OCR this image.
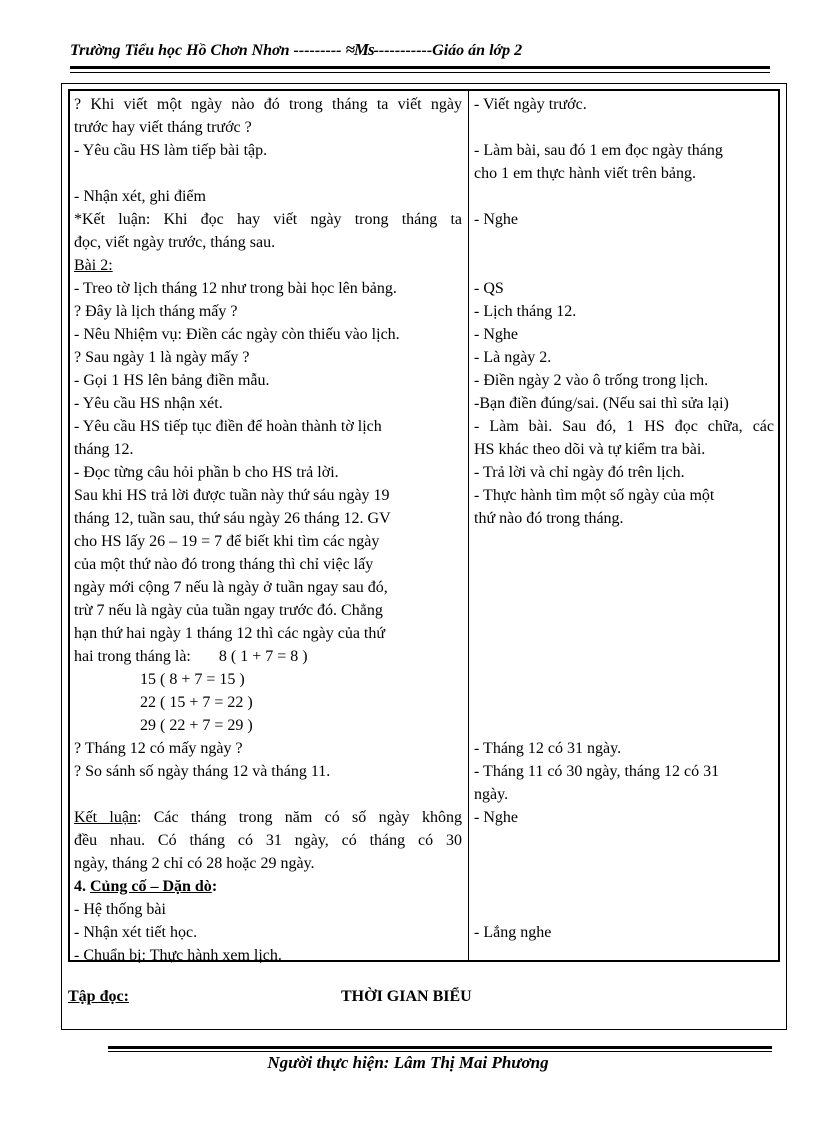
Trường Tiểu học Hồ Chơn Nhơn --------- ≈Ms-----------Giáo án lớp 2
? Khi viết một ngày nào đó trong tháng ta viết ngày
trước hay viết tháng trước ?
- Yêu cầu HS làm tiếp bài tập.
- Nhận xét, ghi điểm
*Kết luận: Khi đọc hay viết ngày trong tháng ta
đọc, viết ngày trước, tháng sau.
Bài 2:
- Treo tờ lịch tháng 12 như trong bài học lên bảng.
? Đây là lịch tháng mấy ?
- Nêu Nhiệm vụ: Điền các ngày còn thiếu vào lịch.
? Sau ngày 1 là ngày mấy ?
- Gọi 1 HS lên bảng điền mẫu.
- Yêu cầu HS nhận xét.
- Yêu cầu HS tiếp tục điền để hoàn thành tờ lịch
tháng 12.
- Đọc từng câu hỏi phần b cho HS trả lời.
Sau khi HS trả lời được tuần này thứ sáu ngày 19
tháng 12, tuần sau, thứ sáu ngày 26 tháng 12. GV
cho HS lấy 26 – 19 = 7 để biết khi tìm các ngày
của một thứ nào đó trong tháng thì chỉ việc lấy
ngày mới cộng 7 nếu là ngày ở tuần ngay sau đó,
trừ 7 nếu là ngày của tuần ngay trước đó. Chẳng
hạn thứ hai ngày 1 tháng 12 thì các ngày của thứ
hai trong tháng là:       8 ( 1 + 7 = 8 )
15 ( 8 + 7 = 15 )
22 ( 15 + 7 = 22 )
29 ( 22 + 7 = 29 )
? Tháng 12 có mấy ngày ?
? So sánh số ngày tháng 12 và tháng 11.
Kết luận: Các tháng trong năm có số ngày không
đều nhau. Có tháng có 31 ngày, có tháng có 30
ngày, tháng 2 chỉ có 28 hoặc 29 ngày.
4. Củng cố – Dặn dò:
- Hệ thống bài
- Nhận xét tiết học.
- Chuẩn bị: Thực hành xem lịch.
- Viết ngày trước.
- Làm bài, sau đó 1 em đọc ngày tháng
cho 1 em thực hành viết trên bảng.
- Nghe
- QS
- Lịch tháng 12.
- Nghe
- Là ngày 2.
- Điền ngày 2 vào ô trống trong lịch.
-Bạn điền đúng/sai. (Nếu sai thì sửa lại)
- Làm bài. Sau đó, 1 HS đọc chữa, các
HS khác theo dõi và tự kiểm tra bài.
- Trả lời và chỉ ngày đó trên lịch.
- Thực hành tìm một số ngày của một
thứ nào đó trong tháng.
- Tháng 12 có 31 ngày.
- Tháng 11 có 30 ngày, tháng 12 có 31
ngày.
- Nghe
- Lắng nghe
Tập đọc:	THỜI GIAN BIỂU
Người thực hiện: Lâm Thị Mai Phương
